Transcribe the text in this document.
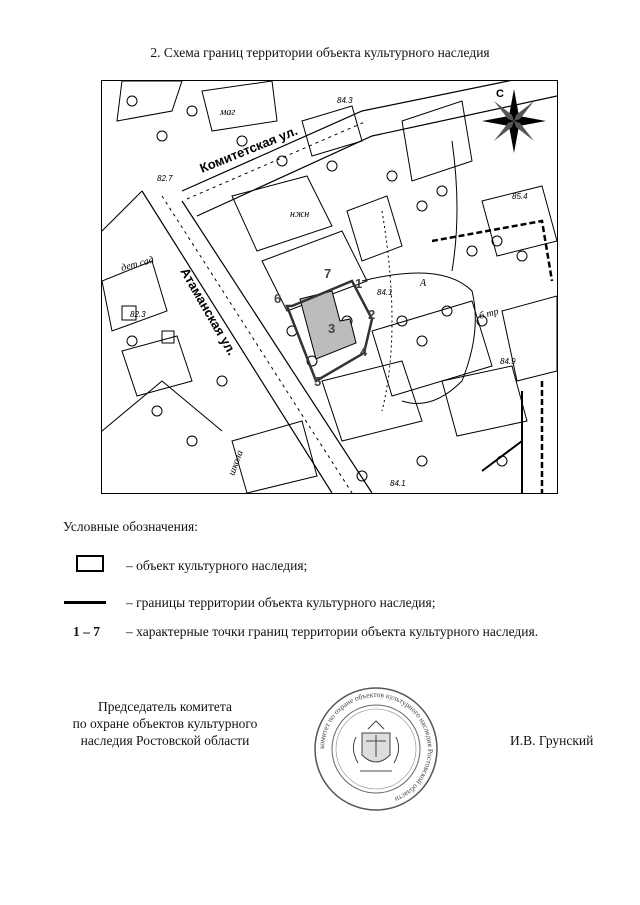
2. Схема границ территории объекта культурного наследия
1
2
3
4
5
6
7
Комитетская ул.
Атаманская ул.
84.3
82.7
84.1
84.9
85.4
82.3
84.1
маг
дет сад
школа
б тр
нжн
А
С
Условные обозначения:
– объект культурного наследия;
– границы территории объекта культурного наследия;
1 – 7 – характерные точки границ территории объекта культурного наследия.
Председатель комитета
по охране объектов культурного
наследия Ростовской области	комитет по охране объектов культурного наследия Ростовской области
И.В. Грунский
